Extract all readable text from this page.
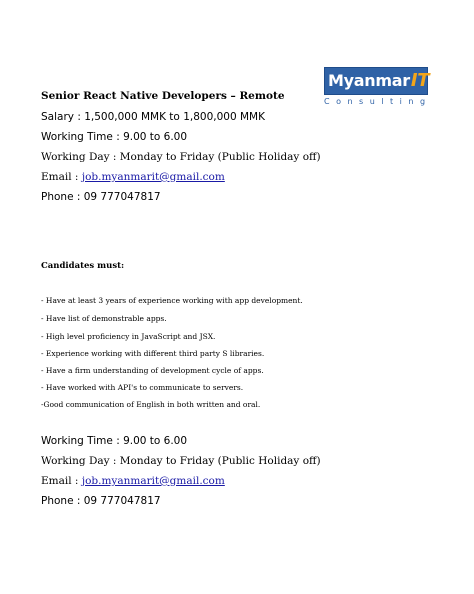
MyanmarIT
Consulting
Senior React Native Developers – Remote
Salary : 1,500,000 MMK to 1,800,000 MMK
Working Time : 9.00 to 6.00
Working Day : Monday to Friday (Public Holiday off)
Email : job.myanmarit@gmail.com
Phone : 09 777047817
Candidates must:
- Have at least 3 years of experience working with app development.
- Have list of demonstrable apps.
- High level proficiency in JavaScript and JSX.
- Experience working with different third party S libraries.
- Have a firm understanding of development cycle of apps.
- Have worked with API's to communicate to servers.
-Good communication of English in both written and oral.
Working Time : 9.00 to 6.00
Working Day : Monday to Friday (Public Holiday off)
Email : job.myanmarit@gmail.com
Phone : 09 777047817
